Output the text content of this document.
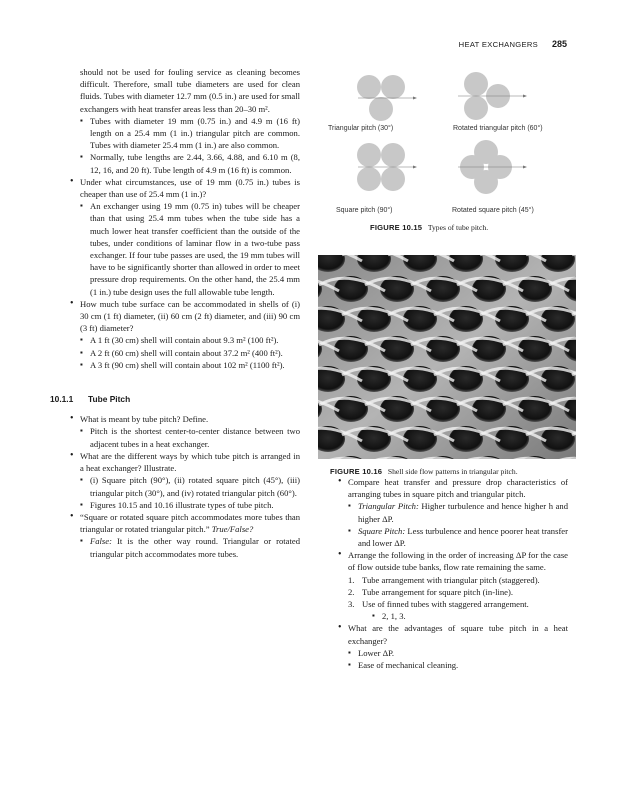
HEAT EXCHANGERS 285

should not be used for fouling service as cleaning becomes difficult. Therefore, small tube diameters are used for clean fluids. Tubes with diameter 12.7 mm (0.5 in.) are used for small exchangers with heat transfer areas less than 20–30 m².

▪ Tubes with diameter 19 mm (0.75 in.) and 4.9 m (16 ft) length on a 25.4 mm (1 in.) triangular pitch are common. Tubes with diameter 25.4 mm (1 in.) are also common.

▪ Normally, tube lengths are 2.44, 3.66, 4.88, and 6.10 m (8, 12, 16, and 20 ft). Tube length of 4.9 m (16 ft) is common.

• Under what circumstances, use of 19 mm (0.75 in.) tubes is cheaper than use of 25.4 mm (1 in.)?

▪ An exchanger using 19 mm (0.75 in) tubes will be cheaper than that using 25.4 mm tubes when the tube side has a much lower heat transfer coefficient than the outside of the tubes, under conditions of laminar flow in a two-tube pass exchanger. If four tube passes are used, the 19 mm tubes will have to be significantly shorter than allowed in order to meet pressure drop requirements. On the other hand, the 25.4 mm (1 in.) tube design uses the full allowable tube length.

• How much tube surface can be accommodated in shells of (i) 30 cm (1 ft) diameter, (ii) 60 cm (2 ft) diameter, and (iii) 90 cm (3 ft) diameter?

▪ A 1 ft (30 cm) shell will contain about 9.3 m² (100 ft²).

▪ A 2 ft (60 cm) shell will contain about 37.2 m² (400 ft²).

▪ A 3 ft (90 cm) shell will contain about 102 m² (1100 ft²).

10.1.1 Tube Pitch

• What is meant by tube pitch? Define.

▪ Pitch is the shortest center-to-center distance between two adjacent tubes in a heat exchanger.

• What are the different ways by which tube pitch is arranged in a heat exchanger? Illustrate.

▪ (i) Square pitch (90°), (ii) rotated square pitch (45°), (iii) triangular pitch (30°), and (iv) rotated triangular pitch (60°).

▪ Figures 10.15 and 10.16 illustrate types of tube pitch.

• “Square or rotated square pitch accommodates more tubes than triangular or rotated triangular pitch.” True/False?

▪ False: It is the other way round. Triangular or rotated triangular pitch accommodates more tubes.

Triangular pitch (30°)	Rotated triangular pitch (60°)
Square pitch (90°)	Rotated square pitch (45°)
FIGURE 10.15 Types of tube pitch.
FIGURE 10.16 Shell side flow patterns in triangular pitch.

• Compare heat transfer and pressure drop characteristics of arranging tubes in square pitch and triangular pitch.

▪ Triangular Pitch: Higher turbulence and hence higher h and higher ΔP.

▪ Square Pitch: Less turbulence and hence poorer heat transfer and lower ΔP.

• Arrange the following in the order of increasing ΔP for the case of flow outside tube banks, flow rate remaining the same.

1. Tube arrangement with triangular pitch (staggered).

2. Tube arrangement for square pitch (in-line).

3. Use of finned tubes with staggered arrangement.

▪ 2, 1, 3.

• What are the advantages of square tube pitch in a heat exchanger?

▪ Lower ΔP.

▪ Ease of mechanical cleaning.
